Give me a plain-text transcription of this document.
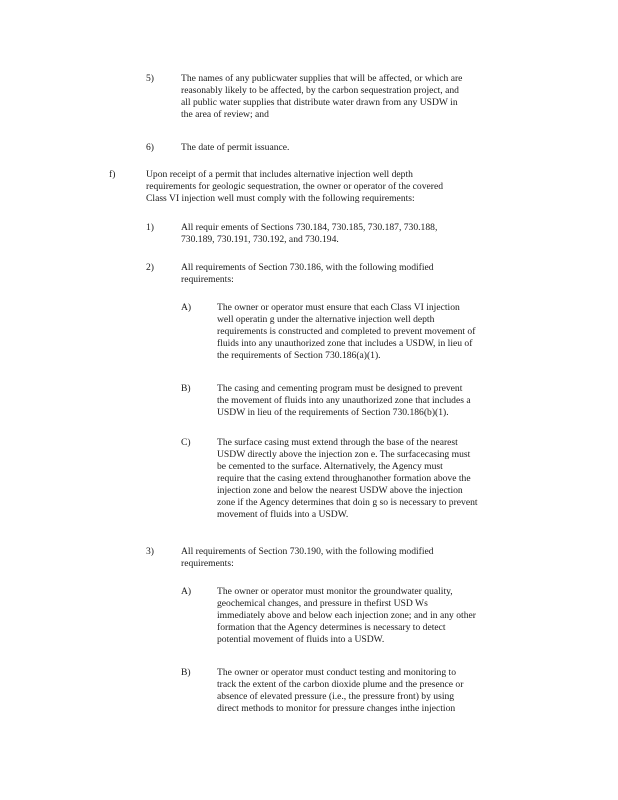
5)	The names of any publicwater supplies that will be affected, or which are
reasonably likely to be affected, by the carbon sequestration project, and
all public water supplies that distribute water drawn from any USDW in
the area of review; and
6)	The date of permit issuance.
f)	Upon receipt of a permit that includes alternative injection well depth
requirements for geologic sequestration, the owner or operator of the covered
Class VI injection well must comply with the following requirements:
1)	All requir ements of Sections 730.184, 730.185, 730.187, 730.188,
730.189, 730.191, 730.192, and 730.194.
2)	All requirements of Section 730.186, with the following modified
requirements:
A)	The owner or operator must ensure that each Class VI injection
well operatin g under the alternative injection well depth
requirements is constructed and completed to prevent movement of
fluids into any unauthorized zone that includes a USDW, in lieu of
the requirements of Section 730.186(a)(1).
B)	The casing and cementing program must be designed to prevent
the movement of fluids into any unauthorized zone that includes a
USDW in lieu of the requirements of Section 730.186(b)(1).
C)	The surface casing must extend through the base of the nearest
USDW directly above the injection zon e. The surfacecasing must
be cemented to the surface. Alternatively, the Agency must
require that the casing extend throughanother formation above the
injection zone and below the nearest USDW above the injection
zone if the Agency determines that doin g so is necessary to prevent
movement of fluids into a USDW.
3)	All requirements of Section 730.190, with the following modified
requirements:
A)	The owner or operator must monitor the groundwater quality,
geochemical changes, and pressure in thefirst USD Ws
immediately above and below each injection zone; and in any other
formation that the Agency determines is necessary to detect
potential movement of fluids into a USDW.
B)	The owner or operator must conduct testing and monitoring to
track the extent of the carbon dioxide plume and the presence or
absence of elevated pressure (i.e., the pressure front) by using
direct methods to monitor for pressure changes inthe injection
